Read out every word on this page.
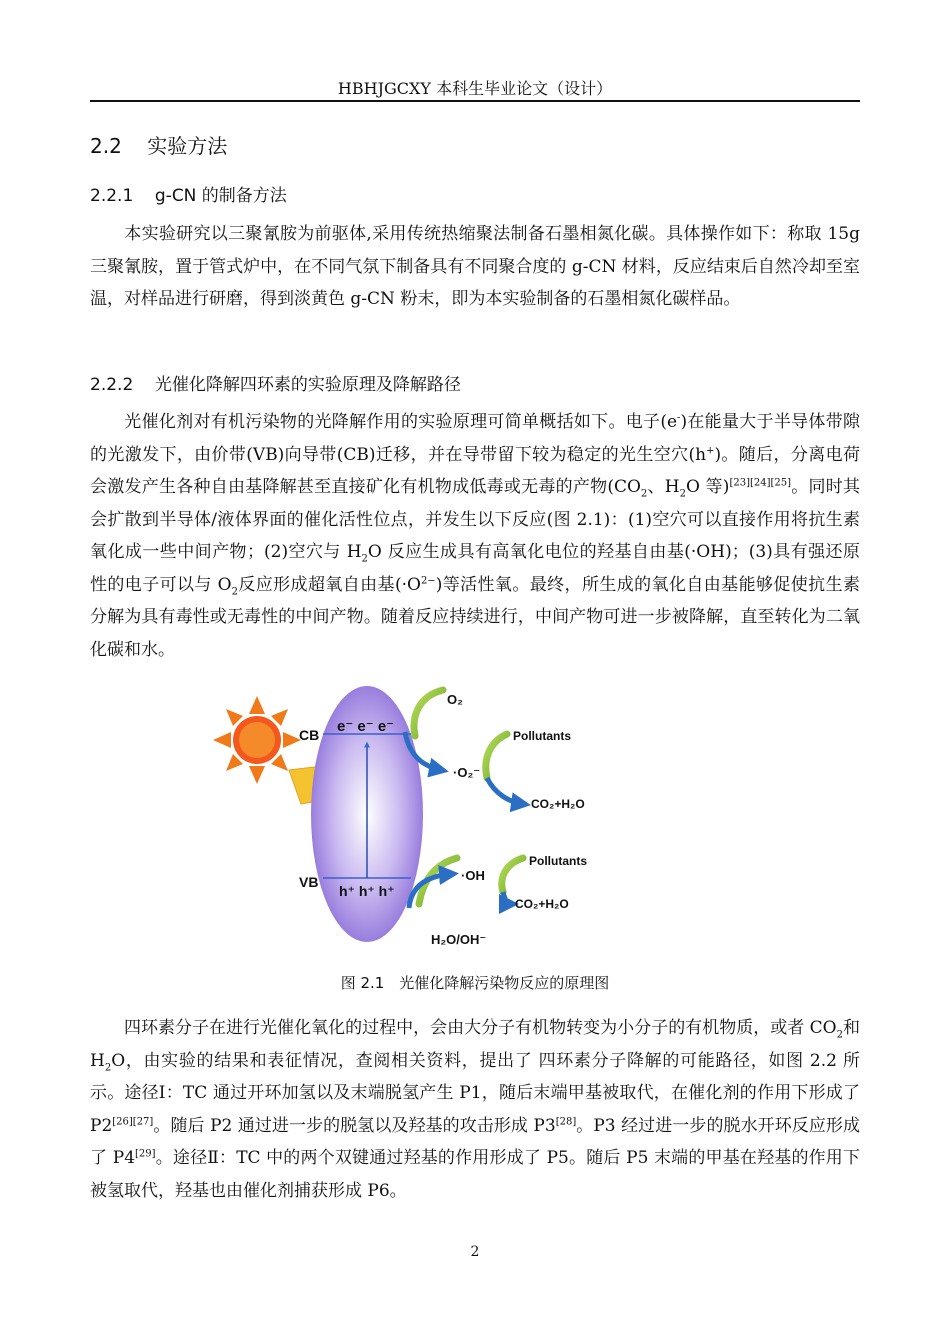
HBHJGCXY 本科生毕业论文（设计）
2.2 实验方法
2.2.1 g-CN 的制备方法
本实验研究以三聚氰胺为前驱体,采用传统热缩聚法制备石墨相氮化碳。具体操作如下：称取 15g 三聚氰胺，置于管式炉中，在不同气氛下制备具有不同聚合度的 g-CN 材料，反应结束后自然冷却至室温，对样品进行研磨，得到淡黄色 g-CN 粉末，即为本实验制备的石墨相氮化碳样品。
2.2.2 光催化降解四环素的实验原理及降解路径
光催化剂对有机污染物的光降解作用的实验原理可简单概括如下。电子(e-)在能量大于半导体带隙的光激发下，由价带(VB)向导带(CB)迁移，并在导带留下较为稳定的光生空穴(h+)。随后，分离电荷会激发产生各种自由基降解甚至直接矿化有机物成低毒或无毒的产物($CO_2$、$H_2O$ 等)[23][24][25]。同时其会扩散到半导体/液体界面的催化活性位点，并发生以下反应(图 2.1)：(1)空穴可以直接作用将抗生素氧化成一些中间产物；(2)空穴与 $H_2O$ 反应生成具有高氧化电位的羟基自由基(·OH)；(3)具有强还原性的电子可以与 $O_2$反应形成超氧自由基$(\cdot O^{2-})$等活性氧。最终，所生成的氧化自由基能够促使抗生素分解为具有毒性或无毒性的中间产物。随着反应持续进行，中间产物可进一步被降解，直至转化为二氧化碳和水。
CB
VB
e⁻ e⁻ e⁻
h⁺ h⁺ h⁺
O₂
·O₂⁻
Pollutants
CO₂+H₂O
·OH
H₂O/OH⁻
Pollutants
CO₂+H₂O
图 2.1　光催化降解污染物反应的原理图
四环素分子在进行光催化氧化的过程中，会由大分子有机物转变为小分子的有机物质，或者 $CO_2$和 $H_2O$，由实验的结果和表征情况，查阅相关资料，提出了 四环素分子降解的可能路径，如图 2.2 所示。途径Ⅰ：TC 通过开环加氢以及末端脱氢产生 P1，随后末端甲基被取代，在催化剂的作用下形成了 P2[26][27]。随后 P2 通过进一步的脱氢以及羟基的攻击形成 P3[28]。P3 经过进一步的脱水开环反应形成了 P4[29]。途径Ⅱ：TC 中的两个双键通过羟基的作用形成了 P5。随后 P5 末端的甲基在羟基的作用下被氢取代，羟基也由催化剂捕获形成 P6。
2
